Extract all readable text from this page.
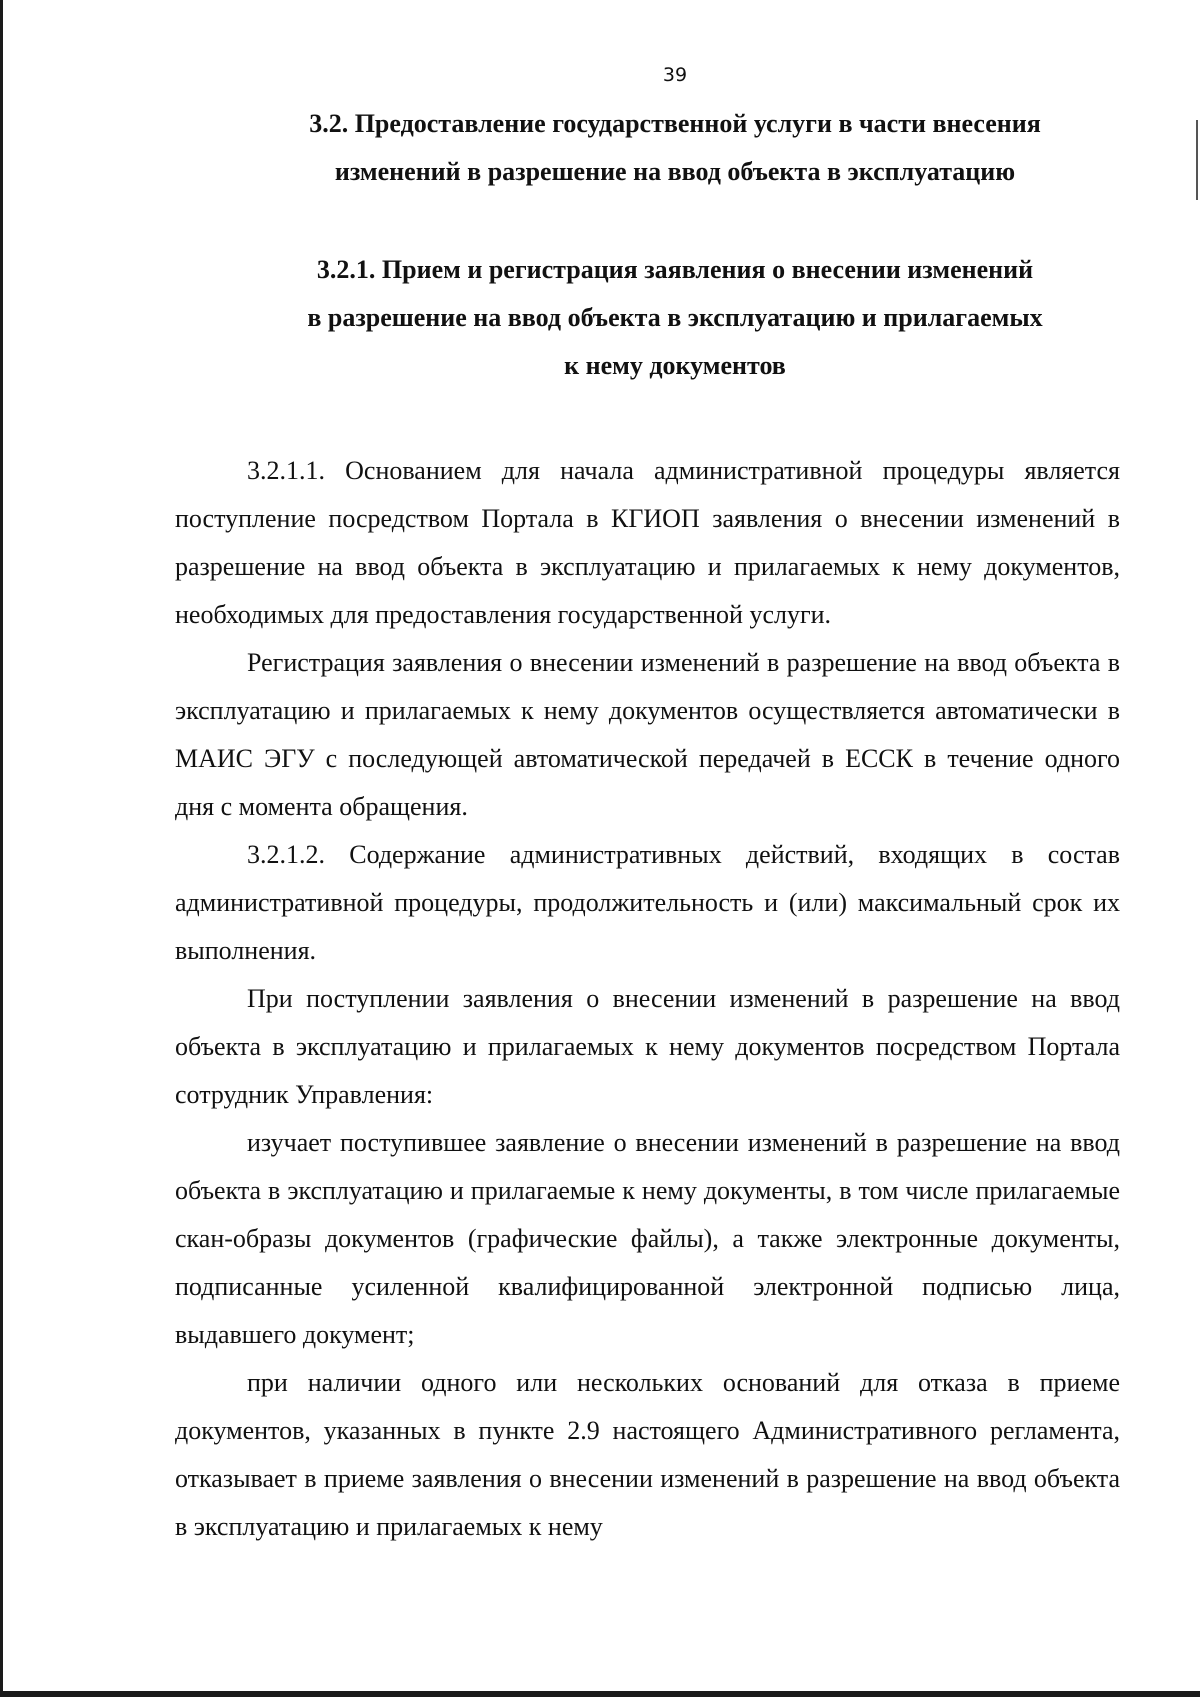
39
3.2. Предоставление государственной услуги в части внесения
изменений в разрешение на ввод объекта в эксплуатацию
3.2.1. Прием и регистрация заявления о внесении изменений
в разрешение на ввод объекта в эксплуатацию и прилагаемых
к нему документов

3.2.1.1. Основанием для начала административной процедуры является поступление посредством Портала в КГИОП заявления о внесении изменений в разрешение на ввод объекта в эксплуатацию и прилагаемых к нему документов, необходимых для предоставления государственной услуги.

Регистрация заявления о внесении изменений в разрешение на ввод объекта в эксплуатацию и прилагаемых к нему документов осуществляется автоматически в МАИС ЭГУ с последующей автоматической передачей в ЕССК в течение одного дня с момента обращения.

3.2.1.2. Содержание административных действий, входящих в состав административной процедуры, продолжительность и (или) максимальный срок их выполнения.

При поступлении заявления о внесении изменений в разрешение на ввод объекта в эксплуатацию и прилагаемых к нему документов посредством Портала сотрудник Управления:

изучает поступившее заявление о внесении изменений в разрешение на ввод объекта в эксплуатацию и прилагаемые к нему документы, в том числе прилагаемые скан-образы документов (графические файлы), а также электронные документы, подписанные усиленной квалифицированной электронной подписью лица, выдавшего документ;

при наличии одного или нескольких оснований для отказа в приеме документов, указанных в пункте 2.9 настоящего Административного регламента, отказывает в приеме заявления о внесении изменений в разрешение на ввод объекта в эксплуатацию и прилагаемых к нему
